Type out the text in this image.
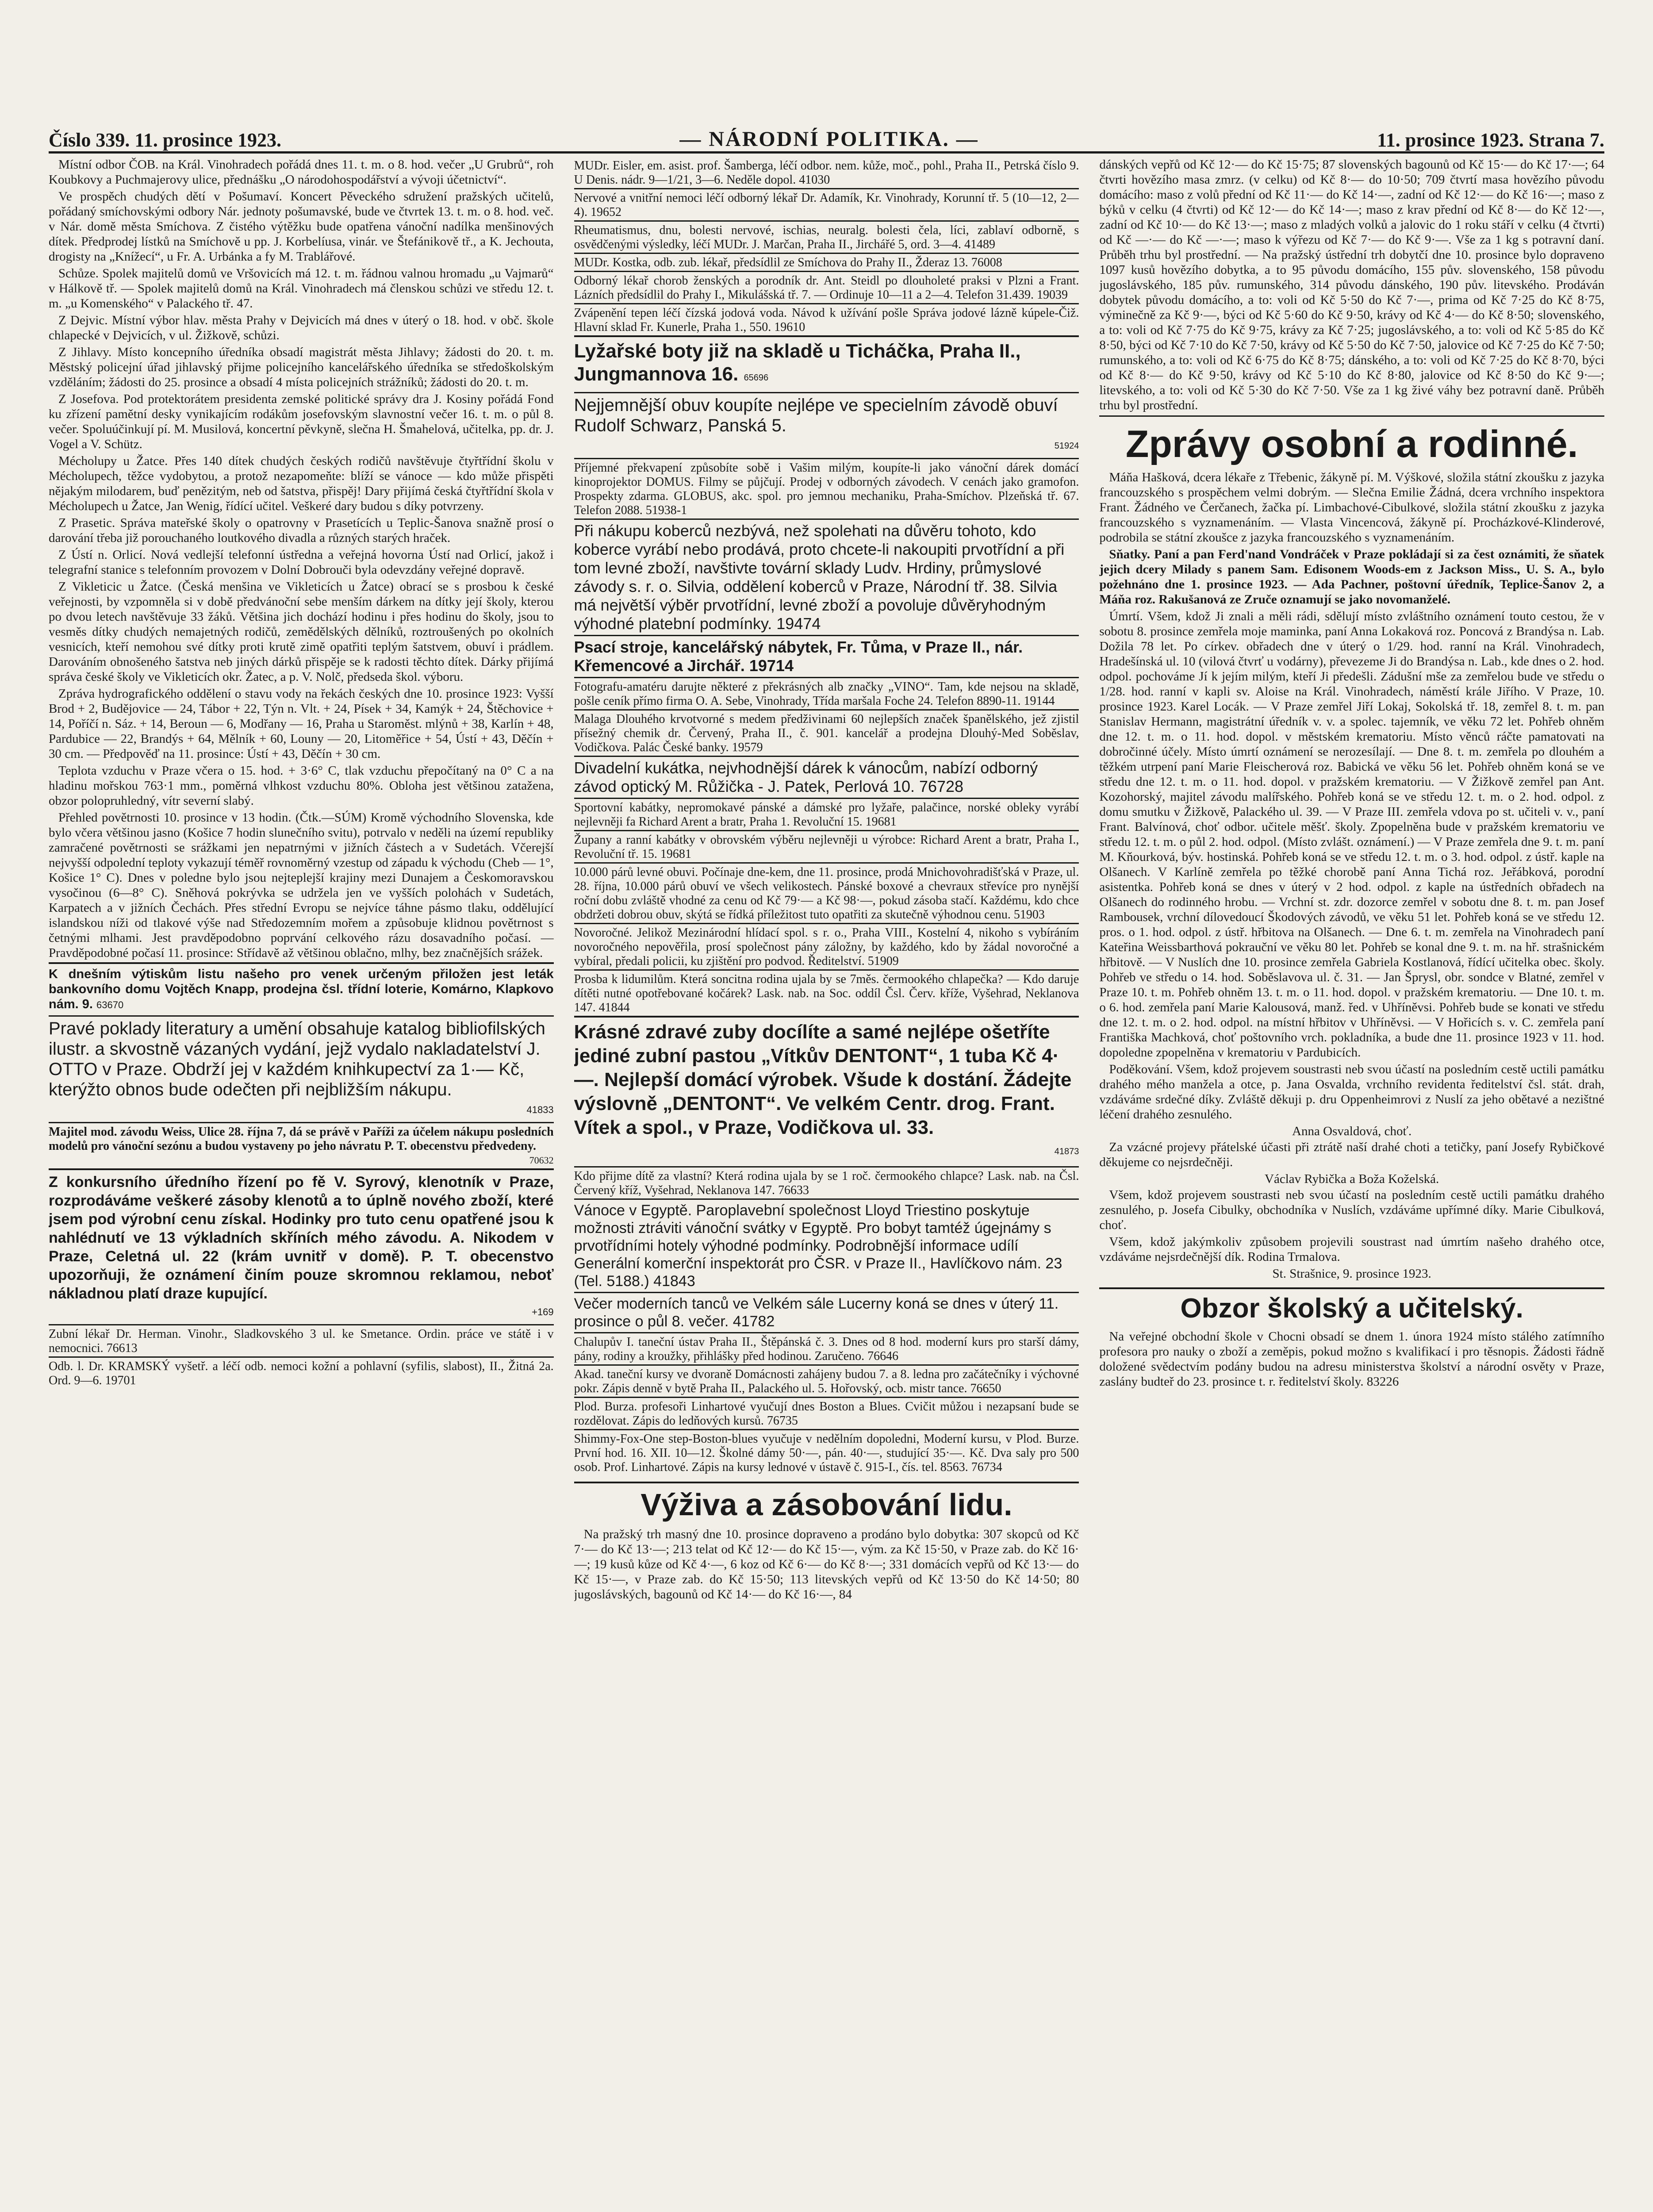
Číslo 339. 11. prosince 1923.	— NÁRODNÍ POLITIKA. —	11. prosince 1923. Strana 7.

Místní odbor ČOB. na Král. Vinohradech pořádá dnes 11. t. m. o 8. hod. večer „U Grubrů“, roh Koubkovy a Puchmajerovy ulice, přednášku „O národohospodářství a vývoji účetnictví“.

Ve prospěch chudých dětí v Pošumaví. Koncert Pěveckého sdružení pražských učitelů, pořádaný smíchovskými odbory Nár. jednoty pošumavské, bude ve čtvrtek 13. t. m. o 8. hod. več. v Nár. domě města Smíchova. Z čistého výtěžku bude opatřena vánoční nadílka menšinových dítek. Předprodej lístků na Smíchově u pp. J. Korbelíusa, vinár. ve Štefánikově tř., a K. Jechouta, drogisty na „Knížecí“, u Fr. A. Urbánka a fy M. Trablářové.

Schůze. Spolek majitelů domů ve Vršovicích má 12. t. m. řádnou valnou hromadu „u Vajmarů“ v Hálkově tř. — Spolek majitelů domů na Král. Vinohradech má členskou schůzi ve středu 12. t. m. „u Komenského“ v Palackého tř. 47.

Z Dejvic. Místní výbor hlav. města Prahy v Dejvicích má dnes v úterý o 18. hod. v obč. škole chlapecké v Dejvicích, v ul. Žižkově, schůzi.

Z Jihlavy. Místo koncepního úředníka obsadí magistrát města Jihlavy; žádosti do 20. t. m. Městský policejní úřad jihlavský přijme policejního kancelářského úředníka se středoškolským vzděláním; žádosti do 25. prosince a obsadí 4 místa policejních strážníků; žádosti do 20. t. m.

Z Josefova. Pod protektorátem presidenta zemské politické správy dra J. Kosiny pořádá Fond ku zřízení pamětní desky vynikajícím rodákům josefovským slavnostní večer 16. t. m. o půl 8. večer. Spoluúčinkují pí. M. Musilová, koncertní pěvkyně, slečna H. Šmahelová, učitelka, pp. dr. J. Vogel a V. Schütz.

Mécholupy u Žatce. Přes 140 dítek chudých českých rodičů navštěvuje čtyřtřídní školu v Mécholupech, těžce vydobytou, a protož nezapomeňte: blíží se vánoce — kdo může přispěti nějakým milodarem, buď penězitým, neb od šatstva, přispěj! Dary přijímá česká čtyřtřídní škola v Mécholupech u Žatce, Jan Wenig, řídící učitel. Veškeré dary budou s díky potvrzeny.

Z Prasetic. Správa mateřské školy o opatrovny v Prasetících u Teplic-Šanova snažně prosí o darování třeba již porouchaného loutkového divadla a různých starých hraček.

Z Ústí n. Orlicí. Nová vedlejší telefonní ústředna a veřejná hovorna Ústí nad Orlicí, jakož i telegrafní stanice s telefonním provozem v Dolní Dobrouči byla odevzdány veřejné dopravě.

Z Vikleticic u Žatce. (Česká menšina ve Vikleticích u Žatce) obrací se s prosbou k české veřejnosti, by vzpomněla si v době předvánoční sebe menším dárkem na dítky její školy, kterou po dvou letech navštěvuje 33 žáků. Většina jich dochází hodinu i přes hodinu do školy, jsou to vesměs dítky chudých nemajetných rodičů, zemědělských dělníků, roztroušených po okolních vesnicích, kteří nemohou své dítky proti krutě zimě opatřiti teplým šatstvem, obuví i prádlem. Darováním obnošeného šatstva neb jiných dárků přispěje se k radosti těchto dítek. Dárky přijímá správa české školy ve Vikleticích okr. Žatec, a p. V. Nolč, předseda škol. výboru.

Zpráva hydrografického oddělení o stavu vody na řekách českých dne 10. prosince 1923: Vyšší Brod + 2, Budějovice — 24, Tábor + 22, Týn n. Vlt. + 24, Písek + 34, Kamýk + 24, Štěchovice + 14, Poříčí n. Sáz. + 14, Beroun — 6, Modřany — 16, Praha u Staroměst. mlýnů + 38, Karlín + 48, Pardubice — 22, Brandýs + 64, Mělník + 60, Louny — 20, Litoměřice + 54, Ústí + 43, Děčín + 30 cm. — Předpověď na 11. prosince: Ústí + 43, Děčín + 30 cm.

Teplota vzduchu v Praze včera o 15. hod. + 3·6° C, tlak vzduchu přepočítaný na 0° C a na hladinu mořskou 763·1 mm., poměrná vlhkost vzduchu 80%. Obloha jest většinou zatažena, obzor polopruhledný, vítr severní slabý.

Přehled povětrnosti 10. prosince v 13 hodin. (Čtk.—SÚM) Kromě východního Slovenska, kde bylo včera většinou jasno (Košice 7 hodin slunečního svitu), potrvalo v neděli na území republiky zamračené povětrnosti se srážkami jen nepatrnými v jižních částech a v Sudetách. Včerejší nejvyšší odpolední teploty vykazují téměř rovnoměrný vzestup od západu k východu (Cheb — 1°, Košice 1° C). Dnes v poledne bylo jsou nejteplejší krajiny mezi Dunajem a Českomoravskou vysočinou (6—8° C). Sněhová pokrývka se udržela jen ve vyšších polohách v Sudetách, Karpatech a v jižních Čechách. Přes střední Evropu se nejvíce táhne pásmo tlaku, oddělující islandskou níži od tlakové výše nad Středozemním mořem a způsobuje klidnou povětrnost s četnými mlhami. Jest pravděpodobno poprvání celkového rázu dosavadního počasí. — Pravděpodobné počasí 11. prosince: Střídavě až většinou oblačno, mlhy, bez značnějších srážek.

K dnešním výtiskům listu našeho pro venek určeným přiložen jest leták bankovního domu Vojtěch Knapp, prodejna čsl. třídní loterie, Komárno, Klapkovo nám. 9. 63670
Pravé poklady literatury a umění obsahuje katalog bibliofilských ilustr. a skvostně vázaných vydání, jejž vydalo nakladatelství J. OTTO v Praze. Obdrží jej v každém knihkupectví za 1·— Kč, kterýžto obnos bude odečten při nejbližším nákupu.
41833
Majitel mod. závodu Weiss, Ulice 28. října 7, dá se právě v Paříži za účelem nákupu posledních modelů pro vánoční sezónu a budou vystaveny po jeho návratu P. T. obecenstvu předvedeny.
70632
Z konkursního úředního řízení po fě V. Syrový, klenotník v Praze, rozprodáváme veškeré zásoby klenotů a to úplně nového zboží, které jsem pod výrobní cenu získal. Hodinky pro tuto cenu opatřené jsou k nahlédnutí ve 13 výkladních skříních mého závodu. A. Nikodem v Praze, Celetná ul. 22 (krám uvnitř v domě). P. T. obecenstvo upozorňuji, že oznámení činím pouze skromnou reklamou, neboť nákladnou platí draze kupující.
+169
Zubní lékař Dr. Herman. Vinohr., Sladkovského 3 ul. ke Smetance. Ordin. práce ve státě i v nemocnici. 76613
Odb. l. Dr. KRAMSKÝ vyšetř. a léčí odb. nemoci kožní a pohlavní (syfilis, slabost), II., Žitná 2a. Ord. 9—6. 19701
MUDr. Eisler, em. asist. prof. Šamberga, léčí odbor. nem. kůže, moč., pohl., Praha II., Petrská číslo 9. U Denis. nádr. 9—1/21, 3—6. Neděle dopol. 41030
Nervové a vnitřní nemoci léčí odborný lékař Dr. Adamík, Kr. Vinohrady, Korunní tř. 5 (10—12, 2—4). 19652
Rheumatismus, dnu, bolesti nervové, ischias, neuralg. bolesti čela, líci, zablaví odborně, s osvědčenými výsledky, léčí MUDr. J. Marčan, Praha II., Jirchářé 5, ord. 3—4. 41489
MUDr. Kostka, odb. zub. lékař, předsídlil ze Smíchova do Prahy II., Žderaz 13. 76008
Odborný lékař chorob ženských a porodník dr. Ant. Steidl po dlouholeté praksi v Plzni a Frant. Lázních předsídlil do Prahy I., Mikulášská tř. 7. — Ordinuje 10—11 a 2—4. Telefon 31.439. 19039
Zvápenění tepen léčí čízská jodová voda. Návod k užívání pošle Správa jodové lázně kúpele-Čiž. Hlavní sklad Fr. Kunerle, Praha 1., 550. 19610
Lyžařské boty již na skladě u Ticháčka, Praha II., Jungmannova 16. 65696
Nejjemnější obuv koupíte nejlépe ve specielním závodě obuví Rudolf Schwarz, Panská 5.
51924
Příjemné překvapení způsobíte sobě i Vašim milým, koupíte-li jako vánoční dárek domácí kinoprojektor DOMUS. Filmy se půjčují. Prodej v odborných závodech. V cenách jako gramofon. Prospekty zdarma. GLOBUS, akc. spol. pro jemnou mechaniku, Praha-Smíchov. Plzeňská tř. 67. Telefon 2088. 51938-1
Při nákupu koberců nezbývá, než spolehati na důvěru tohoto, kdo koberce vyrábí nebo prodává, proto chcete-li nakoupiti prvotřídní a při tom levné zboží, navštivte tovární sklady Ludv. Hrdiny, průmyslové závody s. r. o. Silvia, oddělení koberců v Praze, Národní tř. 38. Silvia má největší výběr prvotřídní, levné zboží a povoluje důvěryhodným výhodné platební podmínky. 19474
Psací stroje, kancelářský nábytek, Fr. Tůma, v Praze II., nár. Křemencové a Jirchář. 19714
Fotografu-amatéru darujte některé z překrásných alb značky „VINO“. Tam, kde nejsou na skladě, pošle ceník přímo firma O. A. Sebe, Vinohrady, Třída maršala Foche 24. Telefon 8890-11. 19144
Malaga Dlouhého krvotvorné s medem předživinami 60 nejlepších značek španělského, jež zjistil přísežný chemik dr. Červený, Praha II., č. 901. kancelář a prodejna Dlouhý-Med Soběslav, Vodičkova. Palác České banky. 19579
Divadelní kukátka, nejvhodnější dárek k vánocům, nabízí odborný závod optický M. Růžička - J. Patek, Perlová 10. 76728
Sportovní kabátky, nepromokavé pánské a dámské pro lyžaře, palačince, norské obleky vyrábí nejlevněji fa Richard Arent a bratr, Praha 1. Revoluční 15. 19681
Župany a ranní kabátky v obrovském výběru nejlevněji u výrobce: Richard Arent a bratr, Praha I., Revoluční tř. 15. 19681
10.000 párů levné obuvi. Počínaje dne-kem, dne 11. prosince, prodá Mnichovohradišťská v Praze, ul. 28. října, 10.000 párů obuví ve všech velikostech. Pánské boxové a chevraux střevíce pro nynější roční dobu zvláště vhodné za cenu od Kč 79·— a Kč 98·—, pokud zásoba stačí. Každému, kdo chce obdržeti dobrou obuv, skýtá se řídká příležitost tuto opatřiti za skutečně výhodnou cenu. 51903
Novoročné. Jelikož Mezinárodní hlídací spol. s r. o., Praha VIII., Kostelní 4, nikoho s vybíráním novoročného nepověřila, prosí společnost pány záložny, by každého, kdo by žádal novoročné a vybíral, předali policii, ku zjištění pro podvod. Ředitelství. 51909
Prosba k lidumilům. Která soncitna rodina ujala by se 7měs. čermookého chlapečka? — Kdo daruje dítěti nutné opotřebované kočárek? Lask. nab. na Soc. oddíl Čsl. Červ. kříže, Vyšehrad, Neklanova 147. 41844
Krásné zdravé zuby docílíte a samé nejlépe ošetříte jediné zubní pastou „Vítkův DENTONT“, 1 tuba Kč 4·—. Nejlepší domácí výrobek. Všude k dostání. Žádejte výslovně „DENTONT“. Ve velkém Centr. drog. Frant. Vítek a spol., v Praze, Vodičkova ul. 33.
41873
Kdo přijme dítě za vlastní? Která rodina ujala by se 1 roč. čermookého chlapce? Lask. nab. na Čsl. Červený kříž, Vyšehrad, Neklanova 147. 76633
Vánoce v Egyptě. Paroplavební společnost Lloyd Triestino poskytuje možnosti ztráviti vánoční svátky v Egyptě. Pro bobyt tamtéž úgejnámy s prvotřídními hotely výhodné podmínky. Podrobnější informace udílí Generální komerční inspektorát pro ČSR. v Praze II., Havlíčkovo nám. 23 (Tel. 5188.) 41843
Večer moderních tanců ve Velkém sále Lucerny koná se dnes v úterý 11. prosince o půl 8. večer. 41782
Chalupův I. taneční ústav Praha II., Štěpánská č. 3. Dnes od 8 hod. moderní kurs pro starší dámy, pány, rodiny a kroužky, přihlášky před hodinou. Zaručeno. 76646
Akad. taneční kursy ve dvoraně Domácnosti zahájeny budou 7. a 8. ledna pro začátečníky i výchovné pokr. Zápis denně v bytě Praha II., Palackého ul. 5. Hořovský, ocb. mistr tance. 76650
Plod. Burza. profesoři Linhartové vyučují dnes Boston a Blues. Cvičit můžou i nezapsaní bude se rozdělovat. Zápis do ledňových kursů. 76735
Shimmy-Fox-One step-Boston-blues vyučuje v nedělním dopoledni, Moderní kursu, v Plod. Burze. První hod. 16. XII. 10—12. Školné dámy 50·—, pán. 40·—, studující 35·—. Kč. Dva saly pro 500 osob. Prof. Linhartové. Zápis na kursy lednové v ústavě č. 915-I., čís. tel. 8563. 76734
Výživa a zásobování lidu.

Na pražský trh masný dne 10. prosince dopraveno a prodáno bylo dobytka: 307 skopců od Kč 7·— do Kč 13·—; 213 telat od Kč 12·— do Kč 15·—, vým. za Kč 15·50, v Praze zab. do Kč 16·—; 19 kusů kůze od Kč 4·—, 6 koz od Kč 6·— do Kč 8·—; 331 domácích vepřů od Kč 13·— do Kč 15·—, v Praze zab. do Kč 15·50; 113 litevských vepřů od Kč 13·50 do Kč 14·50; 80 jugoslávských, bagounů od Kč 14·— do Kč 16·—, 84

dánských vepřů od Kč 12·— do Kč 15·75; 87 slovenských bagounů od Kč 15·— do Kč 17·—; 64 čtvrti hovězího masa zmrz. (v celku) od Kč 8·— do 10·50; 709 čtvrtí masa hovězího původu domácího: maso z volů přední od Kč 11·— do Kč 14·—, zadní od Kč 12·— do Kč 16·—; maso z býků v celku (4 čtvrti) od Kč 12·— do Kč 14·—; maso z krav přední od Kč 8·— do Kč 12·—, zadní od Kč 10·— do Kč 13·—; maso z mladých volků a jalovic do 1 roku stáří v celku (4 čtvrti) od Kč —·— do Kč —·—; maso k výřezu od Kč 7·— do Kč 9·—. Vše za 1 kg s potravní daní. Průběh trhu byl prostřední. — Na pražský ústřední trh dobytčí dne 10. prosince bylo dopraveno 1097 kusů hovězího dobytka, a to 95 původu domácího, 155 pův. slovenského, 158 původu jugoslávského, 185 pův. rumunského, 314 původu dánského, 190 pův. litevského. Prodáván dobytek původu domácího, a to: voli od Kč 5·50 do Kč 7·—, prima od Kč 7·25 do Kč 8·75, výminečně za Kč 9·—, býci od Kč 5·60 do Kč 9·50, krávy od Kč 4·— do Kč 8·50; slovenského, a to: voli od Kč 7·75 do Kč 9·75, krávy za Kč 7·25; jugoslávského, a to: voli od Kč 5·85 do Kč 8·50, býci od Kč 7·10 do Kč 7·50, krávy od Kč 5·50 do Kč 7·50, jalovice od Kč 7·25 do Kč 7·50; rumunského, a to: voli od Kč 6·75 do Kč 8·75; dánského, a to: voli od Kč 7·25 do Kč 8·70, býci od Kč 8·— do Kč 9·50, krávy od Kč 5·10 do Kč 8·80, jalovice od Kč 8·50 do Kč 9·—; litevského, a to: voli od Kč 5·30 do Kč 7·50. Vše za 1 kg živé váhy bez potravní daně. Průběh trhu byl prostřední.

Zprávy osobní a rodinné.

Máňa Hašková, dcera lékaře z Třebenic, žákyně pí. M. Výškové, složila státní zkoušku z jazyka francouzského s prospěchem velmi dobrým. — Slečna Emilie Žádná, dcera vrchního inspektora Frant. Žádného ve Čerčanech, žačka pí. Limbachové-Cibulkové, složila státní zkoušku z jazyka francouzského s vyznamenáním. — Vlasta Vincencová, žákyně pí. Procházkové-Klinderové, podrobila se státní zkoušce z jazyka francouzského s vyznamenáním.

Sňatky. Paní a pan Ferd'nand Vondráček v Praze pokládají si za čest oznámiti, že sňatek jejich dcery Milady s panem Sam. Edisonem Woods-em z Jackson Miss., U. S. A., bylo požehnáno dne 1. prosince 1923. — Ada Pachner, poštovní úředník, Teplice-Šanov 2, a Máňa roz. Rakušanová ze Zruče oznamují se jako novomanželé.

Úmrtí. Všem, kdož Ji znali a měli rádi, sdělují místo zvláštního oznámení touto cestou, že v sobotu 8. prosince zemřela moje maminka, paní Anna Lokaková roz. Poncová z Brandýsa n. Lab. Dožila 78 let. Po církev. obřadech dne v úterý o 1/29. hod. ranní na Král. Vinohradech, Hradešínská ul. 10 (vilová čtvrť u vodárny), převezeme Ji do Brandýsa n. Lab., kde dnes o 2. hod. odpol. pochováme Jí k jejím milým, kteří Ji předešli. Zádušní mše za zemřelou bude ve středu o 1/28. hod. ranní v kapli sv. Aloise na Král. Vinohradech, náměstí krále Jiřího. V Praze, 10. prosince 1923. Karel Locák. — V Praze zemřel Jiří Lokaj, Sokolská tř. 18, zemřel 8. t. m. pan Stanislav Hermann, magistrátní úředník v. v. a spolec. tajemník, ve věku 72 let. Pohřeb ohněm dne 12. t. m. o 11. hod. dopol. v městském krematoriu. Místo věnců ráčte pamatovati na dobročinné účely. Místo úmrtí oznámení se nerozesílají. — Dne 8. t. m. zemřela po dlouhém a těžkém utrpení paní Marie Fleischerová roz. Babická ve věku 56 let. Pohřeb ohněm koná se ve středu dne 12. t. m. o 11. hod. dopol. v pražském krematoriu. — V Žižkově zemřel pan Ant. Kozohorský, majitel závodu malířského. Pohřeb koná se ve středu 12. t. m. o 2. hod. odpol. z domu smutku v Žižkově, Palackého ul. 39. — V Praze III. zemřela vdova po st. učiteli v. v., paní Frant. Balvínová, choť odbor. učitele měšť. školy. Zpopelněna bude v pražském krematoriu ve středu 12. t. m. o půl 2. hod. odpol. (Místo zvlášt. oznámení.) — V Praze zemřela dne 9. t. m. paní M. Kňourková, býv. hostinská. Pohřeb koná se ve středu 12. t. m. o 3. hod. odpol. z ústř. kaple na Olšanech. V Karlíně zemřela po těžké chorobě paní Anna Tichá roz. Jeřábková, porodní asistentka. Pohřeb koná se dnes v úterý v 2 hod. odpol. z kaple na ústředních obřadech na Olšanech do rodinného hrobu. — Vrchní st. zdr. dozorce zemřel v sobotu dne 8. t. m. pan Josef Rambousek, vrchní dílovedoucí Škodových závodů, ve věku 51 let. Pohřeb koná se ve středu 12. pros. o 1. hod. odpol. z ústř. hřbitova na Olšanech. — Dne 6. t. m. zemřela na Vinohradech paní Kateřina Weissbarthová pokrauční ve věku 80 let. Pohřeb se konal dne 9. t. m. na hř. strašnickém hřbitově. — V Nuslích dne 10. prosince zemřela Gabriela Kostlanová, řídící učitelka obec. školy. Pohřeb ve středu o 14. hod. Soběslavova ul. č. 31. — Jan Šprysl, obr. sondce v Blatné, zemřel v Praze 10. t. m. Pohřeb ohněm 13. t. m. o 11. hod. dopol. v pražském krematoriu. — Dne 10. t. m. o 6. hod. zemřela paní Marie Kalousová, manž. řed. v Uhříněvsi. Pohřeb bude se konati ve středu dne 12. t. m. o 2. hod. odpol. na místní hřbitov v Uhříněvsi. — V Hořicích s. v. C. zemřela paní Františka Machková, choť poštovního vrch. pokladníka, a bude dne 11. prosince 1923 v 11. hod. dopoledne zpopelněna v krematoriu v Pardubicích.

Poděkování. Všem, kdož projevem soustrasti neb svou účastí na posledním cestě uctili památku drahého mého manžela a otce, p. Jana Osvalda, vrchního revidenta ředitelství čsl. stát. drah, vzdáváme srdečné díky. Zvláště děkuji p. dru Oppenheimrovi z Nuslí za jeho obětavé a nezištné léčení drahého zesnulého.

Anna Osvaldová, choť.

Za vzácné projevy přátelské účasti při ztrátě naší drahé choti a tetičky, paní Josefy Rybičkové děkujeme co nejsrdečněji.

Václav Rybička a Boža Koželská.

Všem, kdož projevem soustrasti neb svou účastí na posledním cestě uctili památku drahého zesnulého, p. Josefa Cibulky, obchodníka v Nuslích, vzdáváme upřímné díky. Marie Cibulková, choť.

Všem, kdož jakýmkoliv způsobem projevili soustrast nad úmrtím našeho drahého otce, vzdáváme nejsrdečnější dík. Rodina Trmalova.

St. Strašnice, 9. prosince 1923.
Obzor školský a učitelský.

Na veřejné obchodní škole v Chocni obsadí se dnem 1. února 1924 místo stálého zatímního profesora pro nauky o zboží a zeměpis, pokud možno s kvalifikací i pro těsnopis. Žádosti řádně doložené svědectvím podány budou na adresu ministerstva školství a národní osvěty v Praze, zaslány budteř do 23. prosince t. r. ředitelství školy. 83226
